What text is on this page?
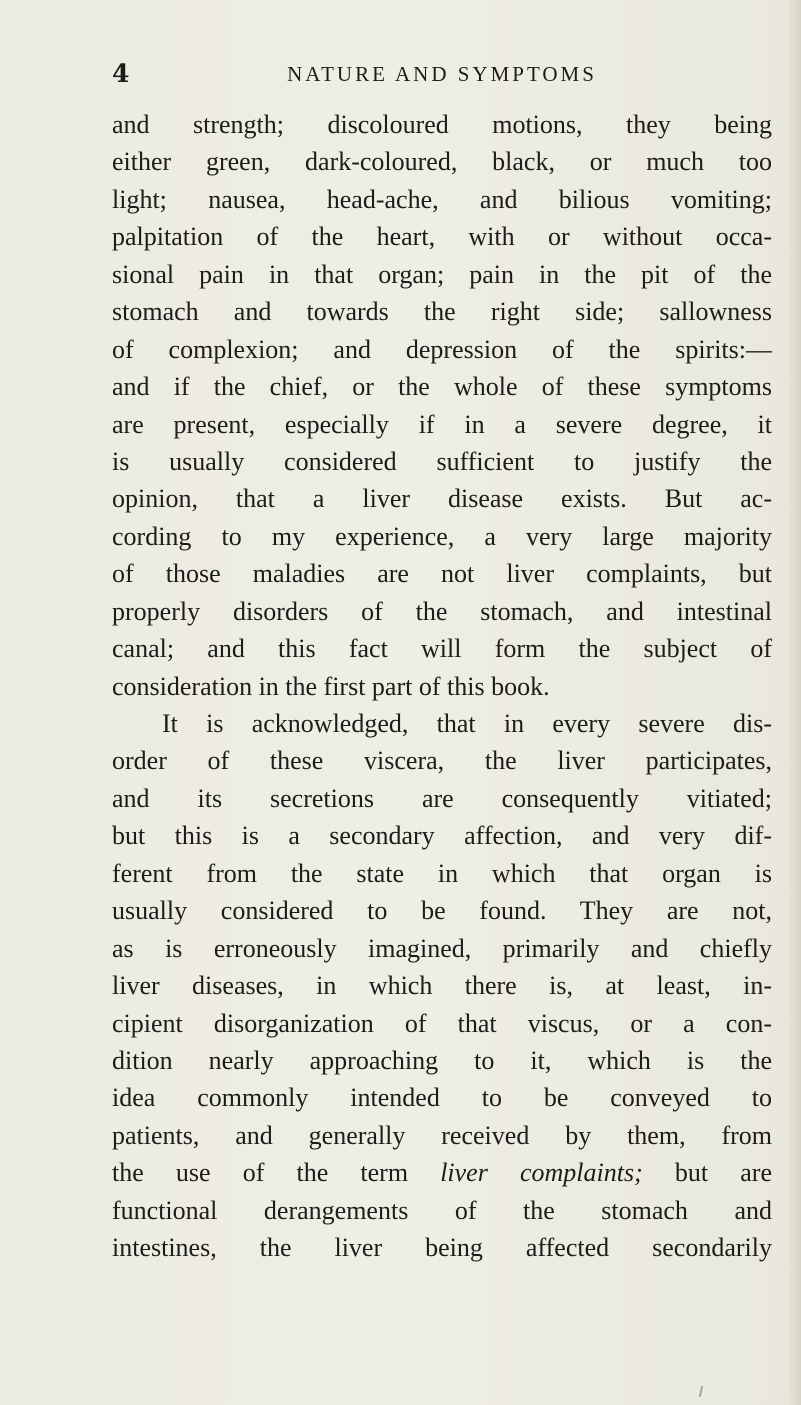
4	NATURE AND SYMPTOMS
and strength; discoloured motions, they being
either green, dark-coloured, black, or much too
light; nausea, head-ache, and bilious vomiting;
palpitation of the heart, with or without occa-
sional pain in that organ; pain in the pit of the
stomach and towards the right side; sallowness
of complexion; and depression of the spirits:—
and if the chief, or the whole of these symptoms
are present, especially if in a severe degree, it
is usually considered sufficient to justify the
opinion, that a liver disease exists. But ac-
cording to my experience, a very large majority
of those maladies are not liver complaints, but
properly disorders of the stomach, and intestinal
canal; and this fact will form the subject of
consideration in the first part of this book.
It is acknowledged, that in every severe dis-
order of these viscera, the liver participates,
and its secretions are consequently vitiated;
but this is a secondary affection, and very dif-
ferent from the state in which that organ is
usually considered to be found. They are not,
as is erroneously imagined, primarily and chiefly
liver diseases, in which there is, at least, in-
cipient disorganization of that viscus, or a con-
dition nearly approaching to it, which is the
idea commonly intended to be conveyed to
patients, and generally received by them, from
the use of the term liver complaints; but are
functional derangements of the stomach and
intestines, the liver being affected secondarily
